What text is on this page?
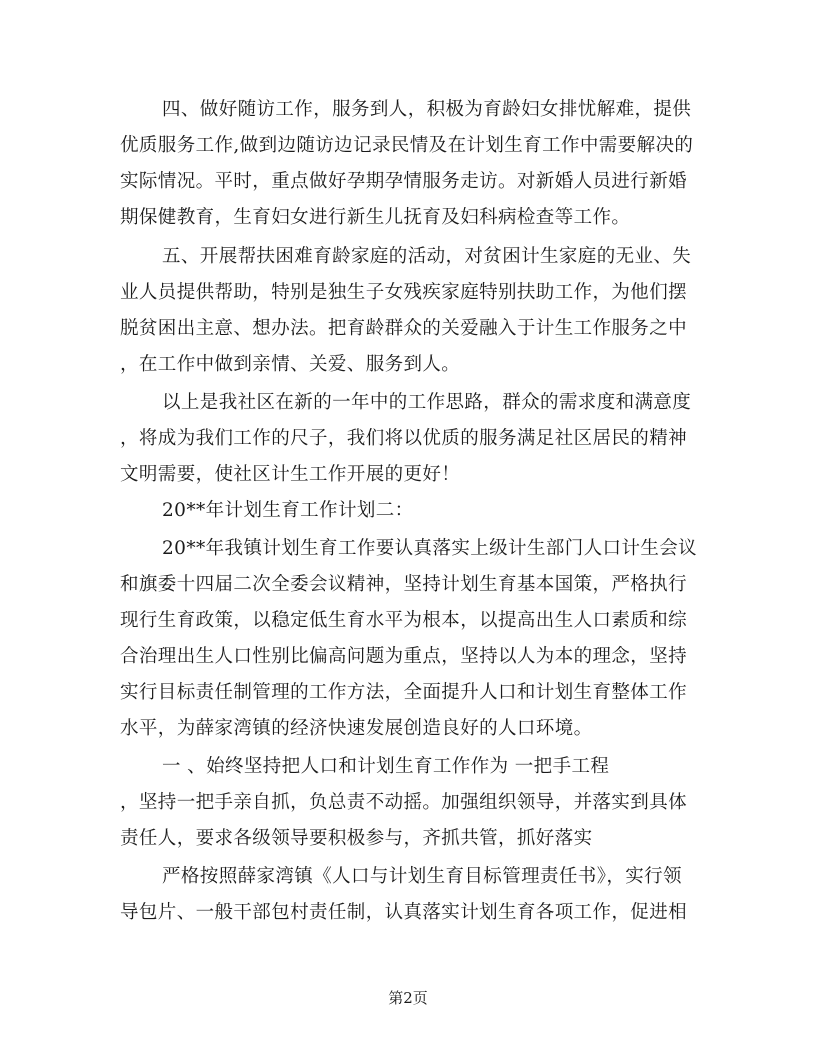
四、做好随访工作，服务到人，积极为育龄妇女排忧解难，提供
优质服务工作,做到边随访边记录民情及在计划生育工作中需要解决的
实际情况。平时，重点做好孕期孕情服务走访。对新婚人员进行新婚
期保健教育，生育妇女进行新生儿抚育及妇科病检查等工作。
五、开展帮扶困难育龄家庭的活动，对贫困计生家庭的无业、失
业人员提供帮助，特别是独生子女残疾家庭特别扶助工作，为他们摆
脱贫困出主意、想办法。把育龄群众的关爱融入于计生工作服务之中
，在工作中做到亲情、关爱、服务到人。
以上是我社区在新的一年中的工作思路，群众的需求度和满意度
，将成为我们工作的尺子，我们将以优质的服务满足社区居民的精神
文明需要，使社区计生工作开展的更好！
20**年计划生育工作计划二：
20**年我镇计划生育工作要认真落实上级计生部门人口计生会议
和旗委十四届二次全委会议精神，坚持计划生育基本国策，严格执行
现行生育政策，以稳定低生育水平为根本，以提高出生人口素质和综
合治理出生人口性别比偏高问题为重点，坚持以人为本的理念，坚持
实行目标责任制管理的工作方法，全面提升人口和计划生育整体工作
水平，为薛家湾镇的经济快速发展创造良好的人口环境。
一 、始终坚持把人口和计划生育工作作为 一把手工程
，坚持一把手亲自抓，负总责不动摇。加强组织领导，并落实到具体
责任人，要求各级领导要积极参与，齐抓共管，抓好落实
严格按照薛家湾镇《人口与计划生育目标管理责任书》，实行领
导包片、一般干部包村责任制，认真落实计划生育各项工作，促进相
第2页
